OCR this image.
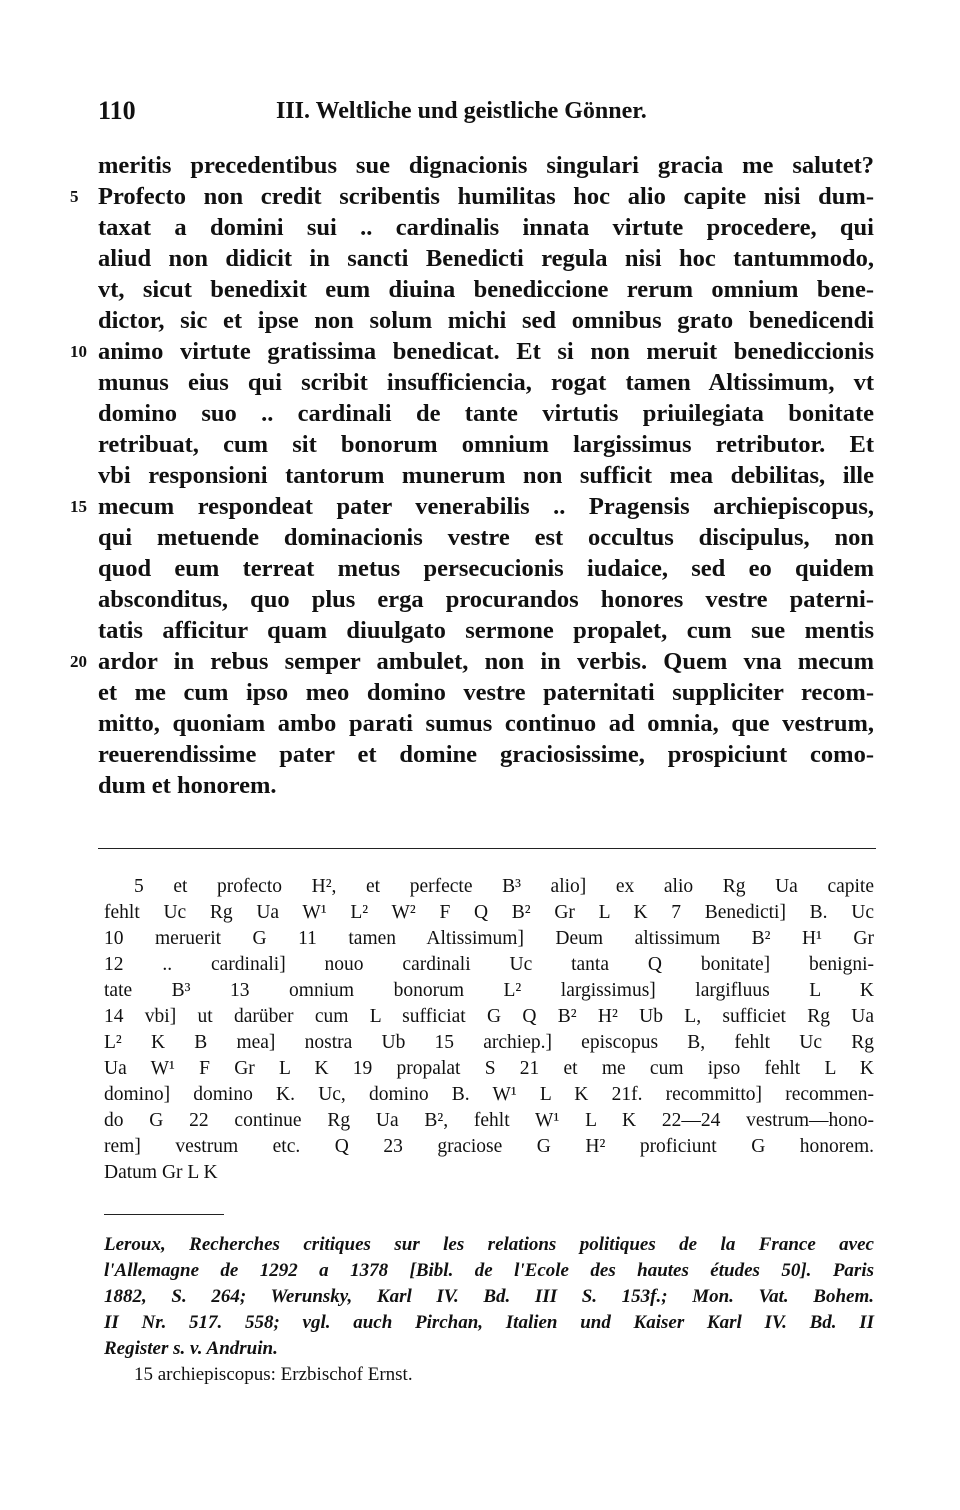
110	III. Weltliche und geistliche Gönner.
meritis precedentibus sue dignacionis singulari gracia me salutet?
5 Profecto non credit scribentis humilitas hoc alio capite nisi dum-
taxat a domini sui .. cardinalis innata virtute procedere, qui
aliud non didicit in sancti Benedicti regula nisi hoc tantummodo,
vt, sicut benedixit eum diuina benediccione rerum omnium bene-
dictor, sic et ipse non solum michi sed omnibus grato benedicendi
10 animo virtute gratissima benedicat. Et si non meruit benediccionis
munus eius qui scribit insufficiencia, rogat tamen Altissimum, vt
domino suo .. cardinali de tante virtutis priuilegiata bonitate
retribuat, cum sit bonorum omnium largissimus retributor. Et
vbi responsioni tantorum munerum non sufficit mea debilitas, ille
15 mecum respondeat pater venerabilis .. Pragensis archiepiscopus,
qui metuende dominacionis vestre est occultus discipulus, non
quod eum terreat metus persecucionis iudaice, sed eo quidem
absconditus, quo plus erga procurandos honores vestre paterni-
tatis afficitur quam diuulgato sermone propalet, cum sue mentis
20 ardor in rebus semper ambulet, non in verbis. Quem vna mecum
et me cum ipso meo domino vestre paternitati suppliciter recom-
mitto, quoniam ambo parati sumus continuo ad omnia, que vestrum,
reuerendissime pater et domine graciosissime, prospiciunt como-
dum et honorem.
5 et profecto H², et perfecte B³ alio] ex alio Rg Ua capite
fehlt Uc Rg Ua W¹ L² W² F Q B² Gr L K 7 Benedicti] B. Uc
10 meruerit G 11 tamen Altissimum] Deum altissimum B² H¹ Gr
12 .. cardinali] nouo cardinali Uc tanta Q bonitate] benigni-
tate B³ 13 omnium bonorum L² largissimus] largifluus L K
14 vbi] ut darüber cum L sufficiat G Q B² H² Ub L, sufficiet Rg Ua
L² K B mea] nostra Ub 15 archiep.] episcopus B, fehlt Uc Rg
Ua W¹ F Gr L K 19 propalat S 21 et me cum ipso fehlt L K
domino] domino K. Uc, domino B. W¹ L K 21f. recommitto] recommen-
do G 22 continue Rg Ua B², fehlt W¹ L K 22—24 vestrum—hono-
rem] vestrum etc. Q 23 graciose G H² proficiunt G honorem.
Datum Gr L K
Leroux, Recherches critiques sur les relations politiques de la France avec
l'Allemagne de 1292 a 1378 [Bibl. de l'Ecole des hautes études 50]. Paris
1882, S. 264; Werunsky, Karl IV. Bd. III S. 153f.; Mon. Vat. Bohem.
II Nr. 517. 558; vgl. auch Pirchan, Italien und Kaiser Karl IV. Bd. II
Register s. v. Andruin.
15 archiepiscopus: Erzbischof Ernst.
